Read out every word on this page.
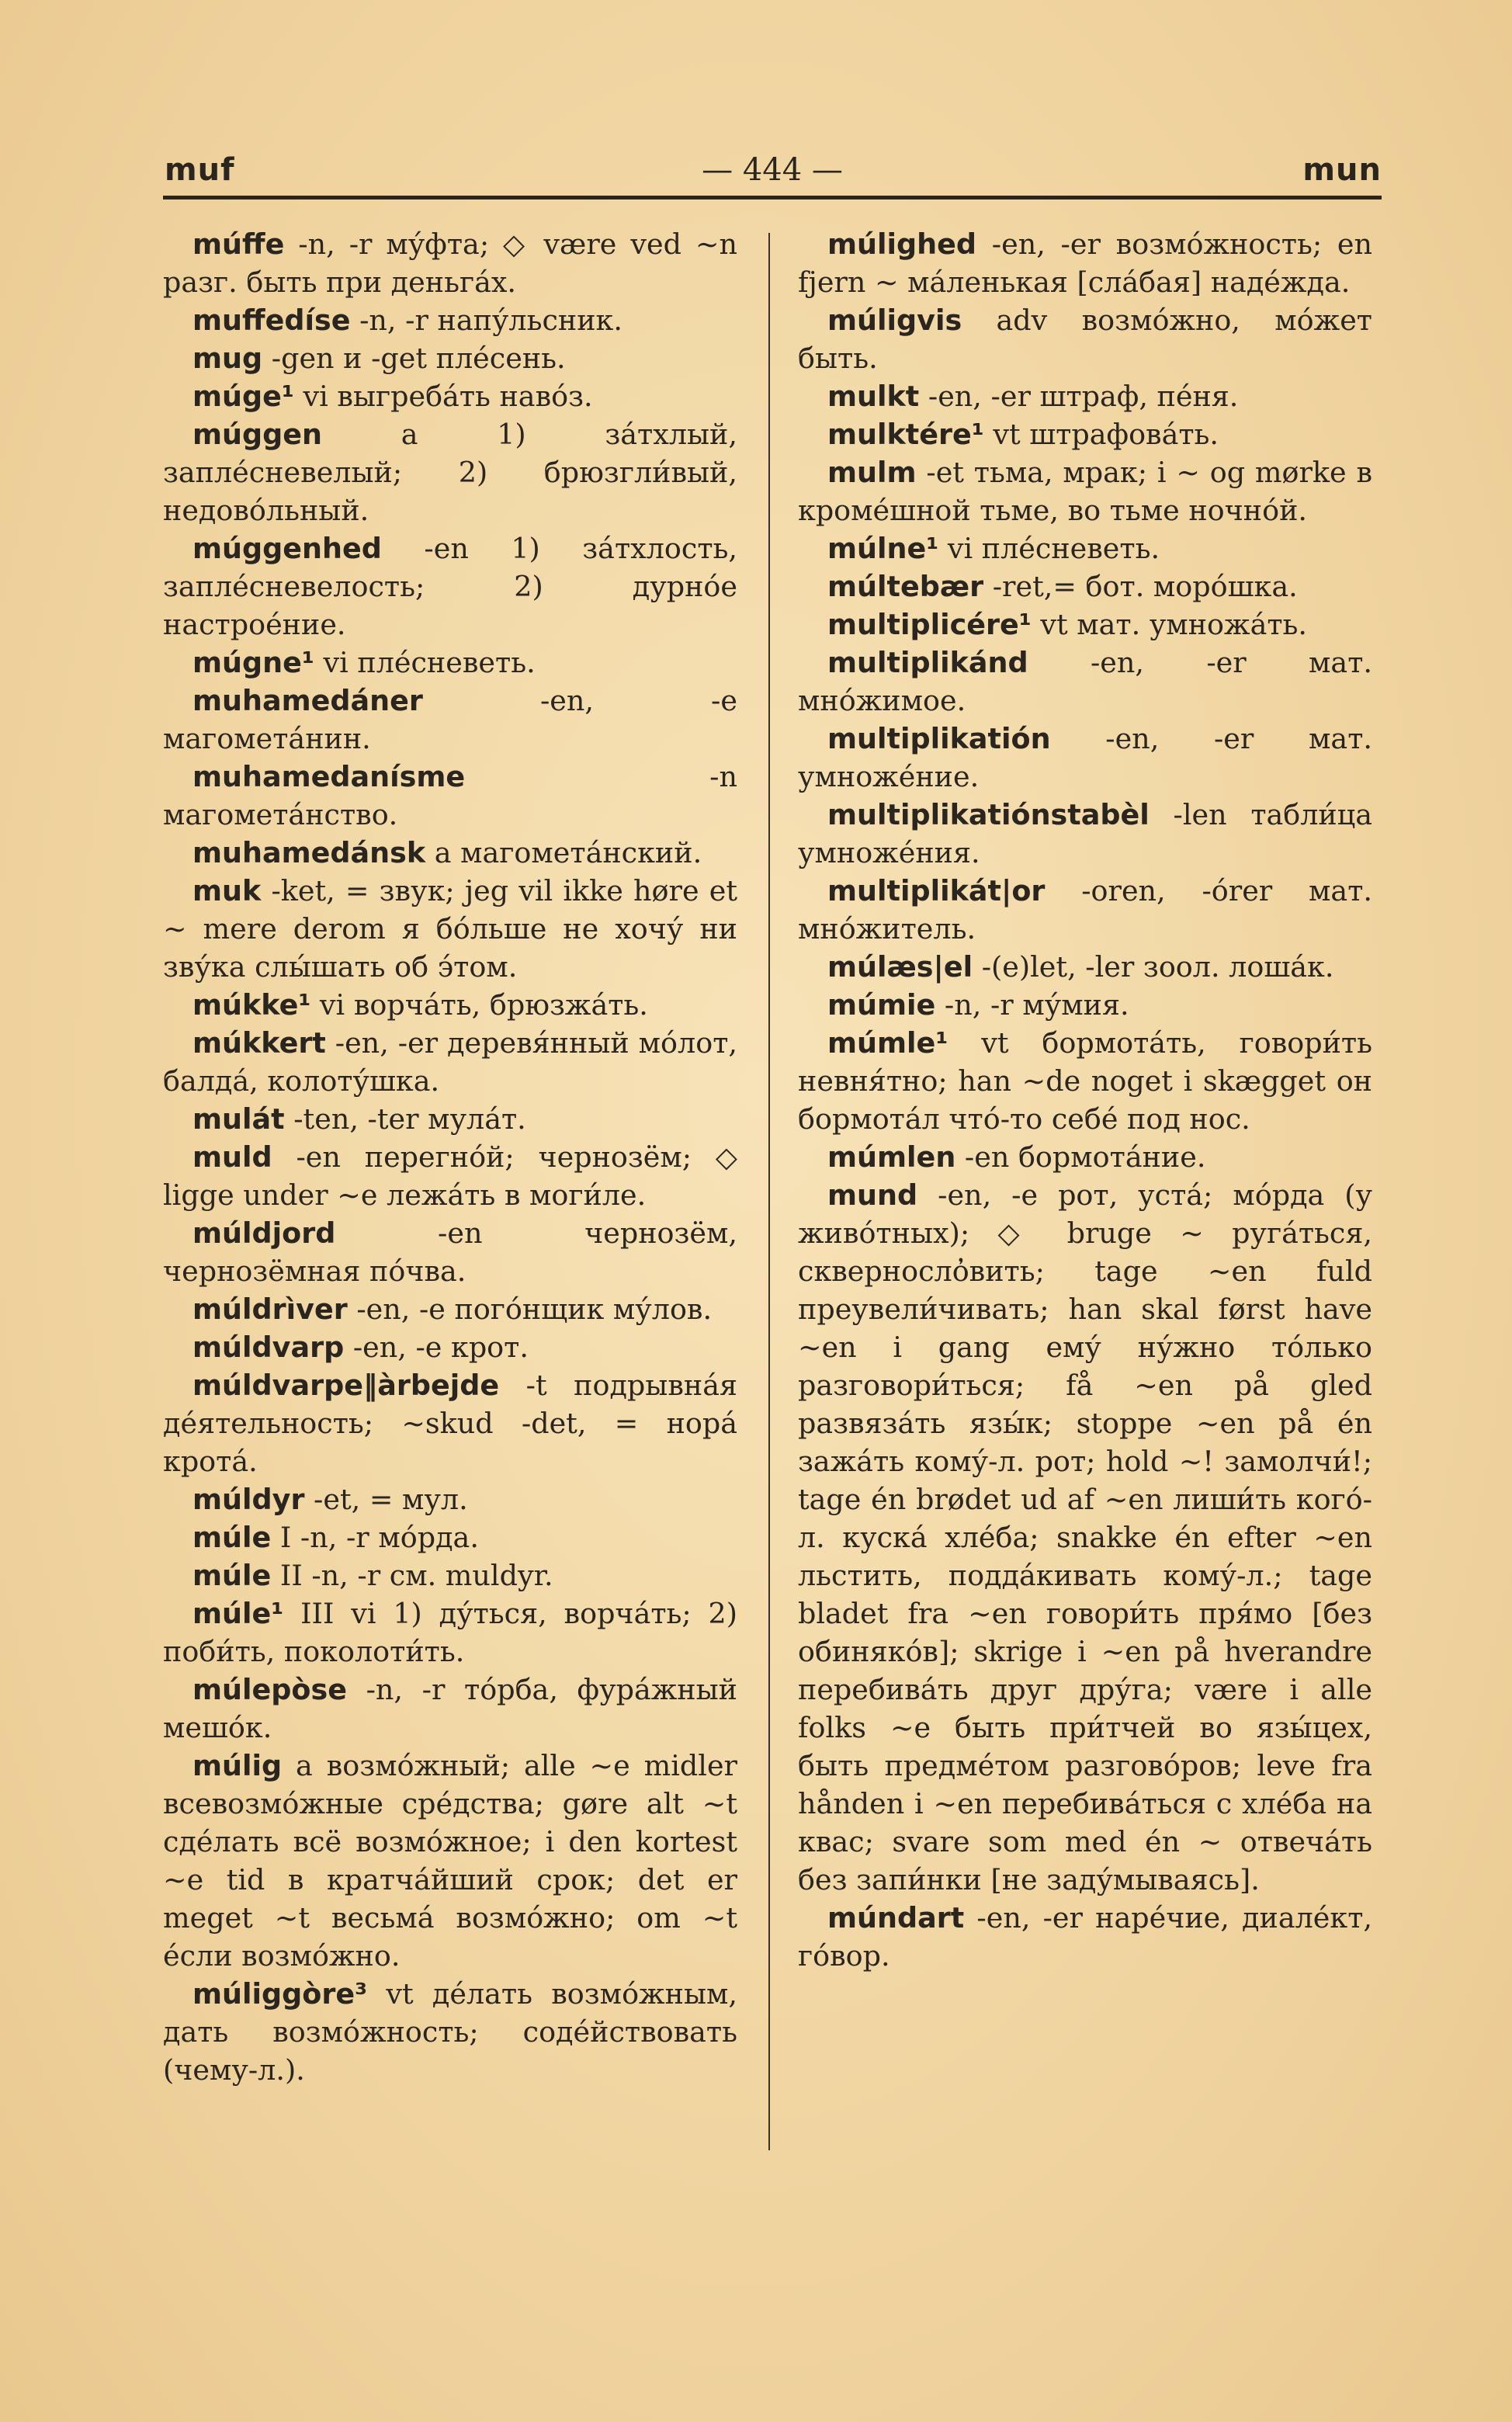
muf	— 444 —	mun
múffe -n, -r му́фта; ◇ være ved ∼n разг. быть при деньга́х.
muffedíse -n, -r напу́льсник.
mug -gen и -get пле́сень.
múge¹ vi выгреба́ть наво́з.
múggen a 1) за́тхлый, запле́сневелый; 2) брюзгли́вый, недово́льный.
múggenhed -en 1) за́тхлость, запле́сневелость; 2) дурно́е настрое́ние.
múgne¹ vi пле́сневеть.
muhamedáner -en, -e магомета́нин.
muhamedanísme -n магомета́нство.
muhamedánsk a магомета́нский.
muk -ket, = звук; jeg vil ikke høre et ∼ mere derom я бо́льше не хочу́ ни зву́ка слы́шать об э́том.
múkke¹ vi ворча́ть, брюзжа́ть.
múkkert -en, -er деревя́нный мо́лот, балда́, колоту́шка.
mulát -ten, -ter мула́т.
muld -en перегно́й; чернозём; ◇ ligge under ∼e лежа́ть в моги́ле.
múldjord -en чернозём, чернозёмная по́чва.
múldrìver -en, -e пого́нщик му́лов.
múldvarp -en, -e крот.
múldvarpe‖àrbejde -t подрывна́я де́ятельность; ∼skud -det, = нора́ крота́.
múldyr -et, = мул.
múle I -n, -r мо́рда.
múle II -n, -r см. muldyr.
múle¹ III vi 1) ду́ться, ворча́ть; 2) поби́ть, поколоти́ть.
múlepòse -n, -r то́рба, фура́жный мешо́к.
múlig a возмо́жный; alle ∼e midler всевозмо́жные сре́дства; gøre alt ∼t сде́лать всё возмо́жное; i den kortest ∼e tid в кратча́йший срок; det er meget ∼t весьма́ возмо́жно; om ∼t е́сли возмо́жно.
múliggòre³ vt де́лать возмо́жным, дать возмо́жность; соде́йствовать (чему-л.).
múlighed -en, -er возмо́жность; en fjern ∼ ма́ленькая [сла́бая] наде́жда.
múligvis adv возмо́жно, мо́жет быть.
mulkt -en, -er штраф, пе́ня.
mulktére¹ vt штрафова́ть.
mulm -et тьма, мрак; i ∼ og mørke в кроме́шной тьме, во тьме ночно́й.
múlne¹ vi пле́сневеть.
múltebær -ret,= бот. моро́шка.
multiplicére¹ vt мат. умножа́ть.
multiplikánd -en, -er мат. мно́жимое.
multiplikatión -en, -er мат. умноже́ние.
multiplikatiónstabèl -len табли́ца умноже́ния.
multiplikát|or -oren, -órer мат. мно́житель.
múlæs|el -(e)let, -ler зоол. лоша́к.
múmie -n, -r му́мия.
múmle¹ vt бормота́ть, говори́ть невня́тно; han ∼de noget i skægget он бормота́л что́-то себе́ под нос.
múmlen -en бормота́ние.
mund -en, -e рот, уста́; мо́рда (у живо́тных); ◇ bruge ∼ руга́ться, сквернослo̓вить; tage ∼en fuld преувели́чивать; han skal først have ∼en i gang ему́ ну́жно то́лько разговори́ться; få ∼en på gled развяза́ть язы́к; stoppe ∼en på én зажа́ть кому́-л. рот; hold ∼! замолчи́!; tage én brødet ud af ∼en лиши́ть кого́-л. куска́ хле́ба; snakke én efter ∼en льстить, подда́кивать кому́-л.; tage bladet fra ∼en говори́ть пря́мо [без обиняко́в]; skrige i ∼en på hverandre перебива́ть друг дру́га; være i alle folks ∼e быть при́тчей во язы́цех, быть предме́том разгово́ров; leve fra hånden i ∼en перебива́ться с хле́ба на квас; svare som med én ∼ отвеча́ть без запи́нки [не заду́мываясь].
múndart -en, -er наре́чие, диале́кт, го́вор.
